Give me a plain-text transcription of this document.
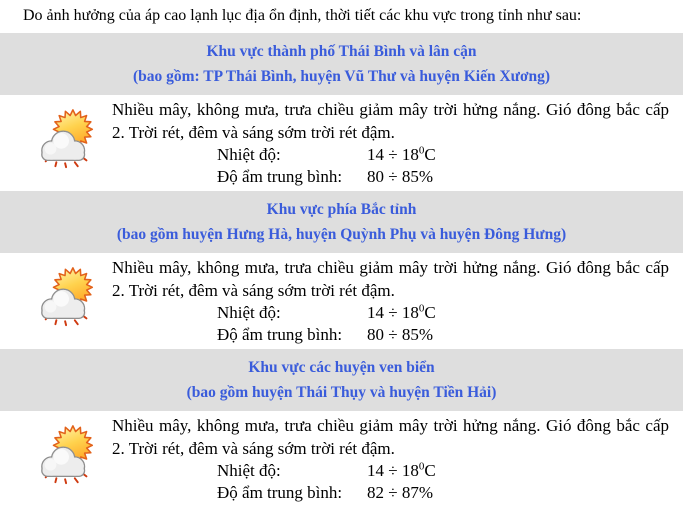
Do ảnh hưởng của áp cao lạnh lục địa ổn định, thời tiết các khu vực trong tỉnh như sau:

Khu vực thành phố Thái Bình và lân cận
(bao gồm: TP Thái Bình, huyện Vũ Thư và huyện Kiến Xương)

Nhiều mây, không mưa, trưa chiều giảm mây trời hửng nắng. Gió đông bắc cấp 2. Trời rét, đêm và sáng sớm trời rét đậm.

Nhiệt độ:	$14 \div 18^0C$
Độ ẩm trung bình: 80 ÷ 85%
Khu vực phía Bắc tỉnh
(bao gồm huyện Hưng Hà, huyện Quỳnh Phụ và huyện Đông Hưng)

Nhiều mây, không mưa, trưa chiều giảm mây trời hửng nắng. Gió đông bắc cấp 2. Trời rét, đêm và sáng sớm trời rét đậm.

Nhiệt độ:	$14 \div 18^0C$
Độ ẩm trung bình: 80 ÷ 85%
Khu vực các huyện ven biển
(bao gồm huyện Thái Thụy và huyện Tiền Hải)

Nhiều mây, không mưa, trưa chiều giảm mây trời hửng nắng. Gió đông bắc cấp 2. Trời rét, đêm và sáng sớm trời rét đậm.

Nhiệt độ:	$14 \div 18^0C$
Độ ẩm trung bình: 82 ÷ 87%
